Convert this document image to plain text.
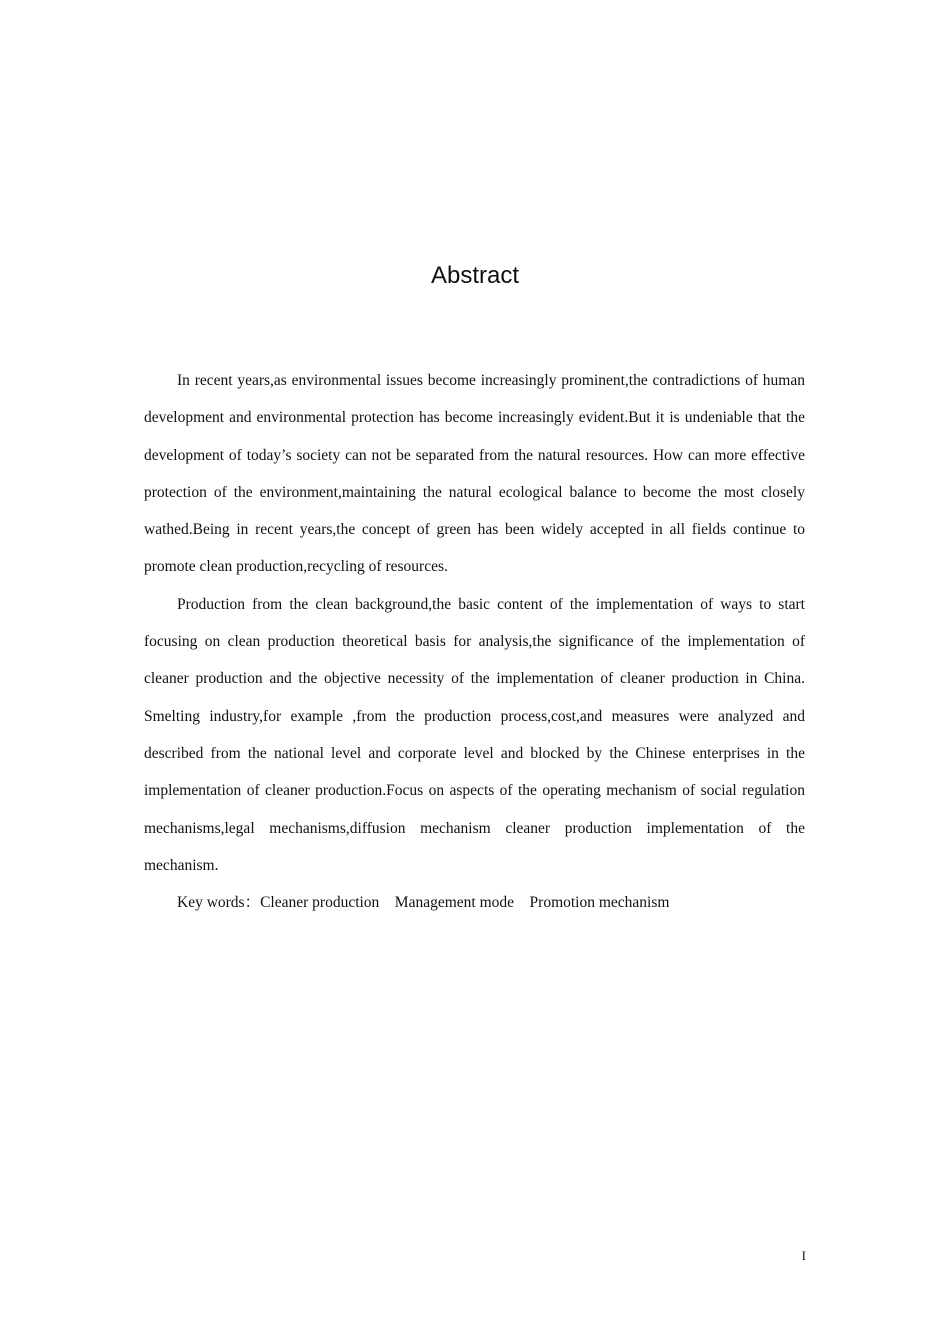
Abstract

In recent years,as environmental issues become increasingly prominent,the contradictions of human development and environmental protection has become increasingly evident.But it is undeniable that the development of today’s society can not be separated from the natural resources. How can more effective protection of the environment,maintaining the natural ecological balance to become the most closely wathed.Being in recent years,the concept of green has been widely accepted in all fields continue to promote clean production,recycling of resources.

Production from the clean background,the basic content of the implementation of ways to start focusing on clean production theoretical basis for analysis,the significance of the implementation of cleaner production and the objective necessity of the implementation of cleaner production in China. Smelting industry,for example ,from the production process,cost,and measures were analyzed and described from the national level and corporate level and blocked by the Chinese enterprises in the implementation of cleaner production.Focus on aspects of the operating mechanism of social regulation mechanisms,legal mechanisms,diffusion mechanism cleaner production implementation of the mechanism.

Key words：Cleaner production　Management mode　Promotion mechanism

I
